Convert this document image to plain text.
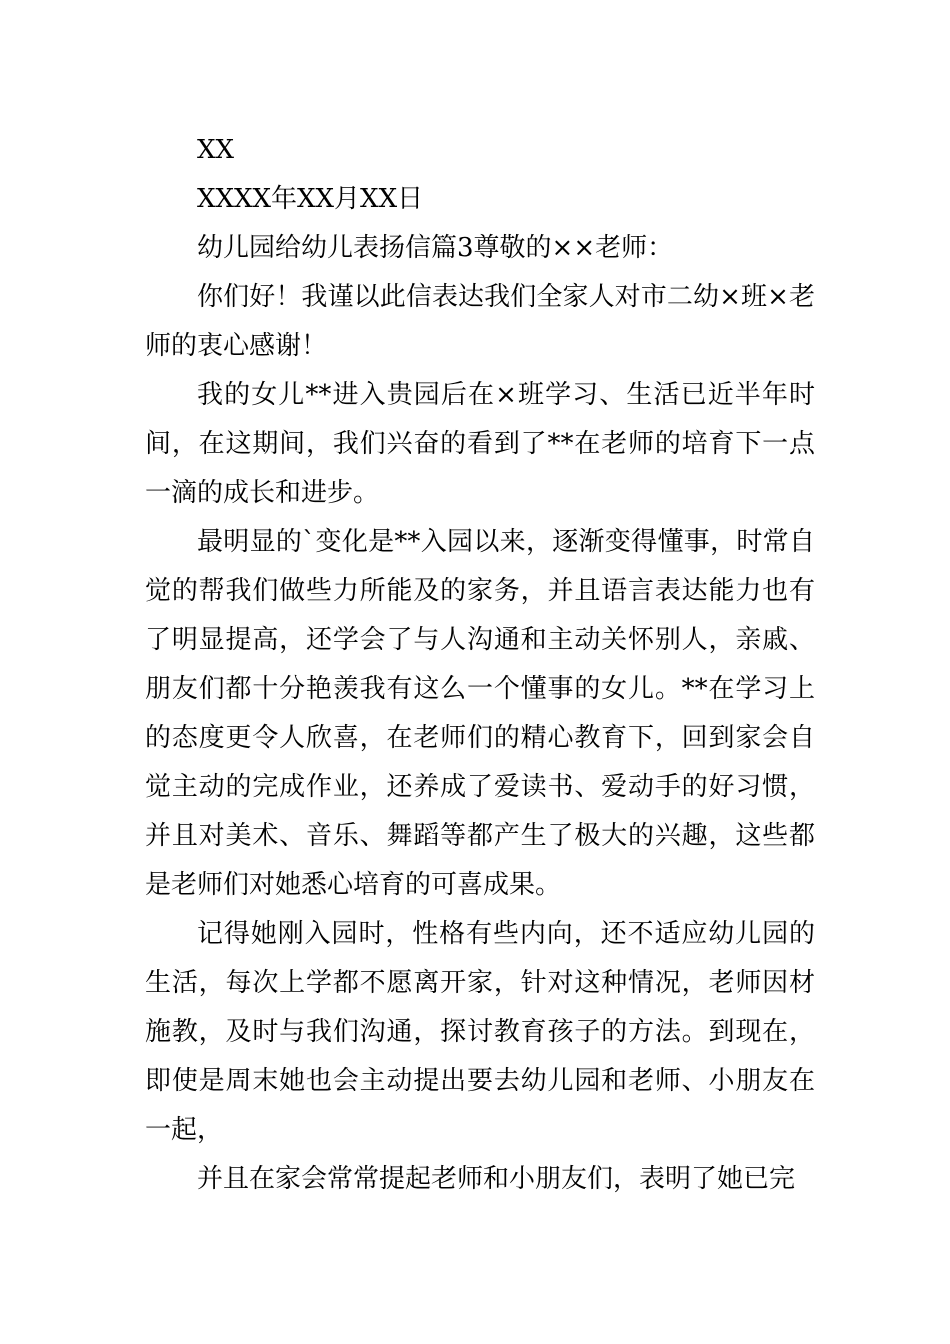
XX

XXXX年XX月XX日

幼儿园给幼儿表扬信篇3尊敬的××老师：

你们好！我谨以此信表达我们全家人对市二幼×班×老师的衷心感谢！

我的女儿**进入贵园后在×班学习、生活已近半年时间，在这期间，我们兴奋的看到了**在老师的培育下一点一滴的成长和进步。

最明显的`变化是**入园以来，逐渐变得懂事，时常自觉的帮我们做些力所能及的家务，并且语言表达能力也有了明显提高，还学会了与人沟通和主动关怀别人，亲戚、朋友们都十分艳羡我有这么一个懂事的女儿。**在学习上的态度更令人欣喜，在老师们的精心教育下，回到家会自觉主动的完成作业，还养成了爱读书、爱动手的好习惯，并且对美术、音乐、舞蹈等都产生了极大的兴趣，这些都是老师们对她悉心培育的可喜成果。

记得她刚入园时，性格有些内向，还不适应幼儿园的生活，每次上学都不愿离开家，针对这种情况，老师因材施教，及时与我们沟通，探讨教育孩子的方法。到现在，即使是周末她也会主动提出要去幼儿园和老师、小朋友在一起，

并且在家会常常提起老师和小朋友们，表明了她已完
